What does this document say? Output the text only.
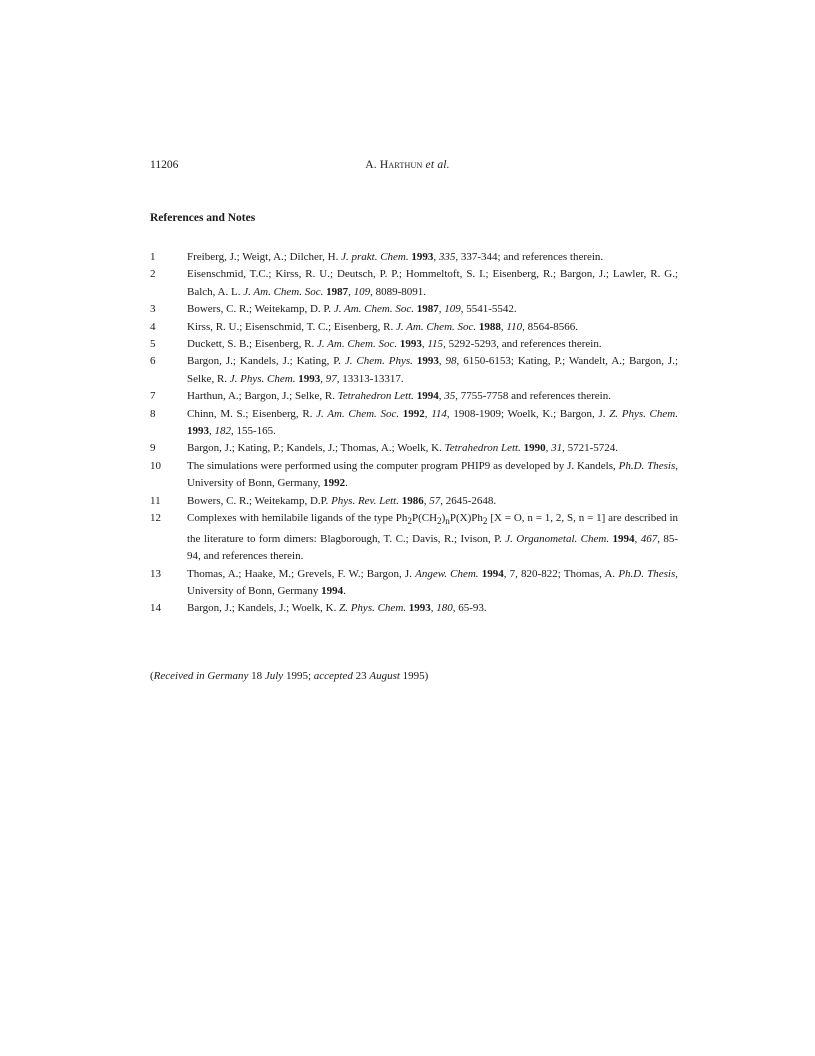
11206	A. Harthun et al.
References and Notes
1	Freiberg, J.; Weigt, A.; Dilcher, H. J. prakt. Chem. 1993, 335, 337-344; and references therein.
2	Eisenschmid, T.C.; Kirss, R. U.; Deutsch, P. P.; Hommeltoft, S. I.; Eisenberg, R.; Bargon, J.; Lawler, R. G.; Balch, A. L. J. Am. Chem. Soc. 1987, 109, 8089-8091.
3	Bowers, C. R.; Weitekamp, D. P. J. Am. Chem. Soc. 1987, 109, 5541-5542.
4	Kirss, R. U.; Eisenschmid, T. C.; Eisenberg, R. J. Am. Chem. Soc. 1988, 110, 8564-8566.
5	Duckett, S. B.; Eisenberg, R. J. Am. Chem. Soc. 1993, 115, 5292-5293, and references therein.
6	Bargon, J.; Kandels, J.; Kating, P. J. Chem. Phys. 1993, 98, 6150-6153; Kating, P.; Wandelt, A.; Bargon, J.; Selke, R. J. Phys. Chem. 1993, 97, 13313-13317.
7	Harthun, A.; Bargon, J.; Selke, R. Tetrahedron Lett. 1994, 35, 7755-7758 and references therein.
8	Chinn, M. S.; Eisenberg, R. J. Am. Chem. Soc. 1992, 114, 1908-1909; Woelk, K.; Bargon, J. Z. Phys. Chem. 1993, 182, 155-165.
9	Bargon, J.; Kating, P.; Kandels, J.; Thomas, A.; Woelk, K. Tetrahedron Lett. 1990, 31, 5721-5724.
10	The simulations were performed using the computer program PHIP9 as developed by J. Kandels, Ph.D. Thesis, University of Bonn, Germany, 1992.
11	Bowers, C. R.; Weitekamp, D.P. Phys. Rev. Lett. 1986, 57, 2645-2648.
12	Complexes with hemilabile ligands of the type $Ph_2P(CH_2)_nP(X)Ph_2$ [X = O, n = 1, 2, S, n = 1] are described in the literature to form dimers: Blagborough, T. C.; Davis, R.; Ivison, P. J. Organometal. Chem. 1994, 467, 85-94, and references therein.
13	Thomas, A.; Haake, M.; Grevels, F. W.; Bargon, J. Angew. Chem. 1994, 7, 820-822; Thomas, A. Ph.D. Thesis, University of Bonn, Germany 1994.
14	Bargon, J.; Kandels, J.; Woelk, K. Z. Phys. Chem. 1993, 180, 65-93.
(Received in Germany 18 July 1995; accepted 23 August 1995)
